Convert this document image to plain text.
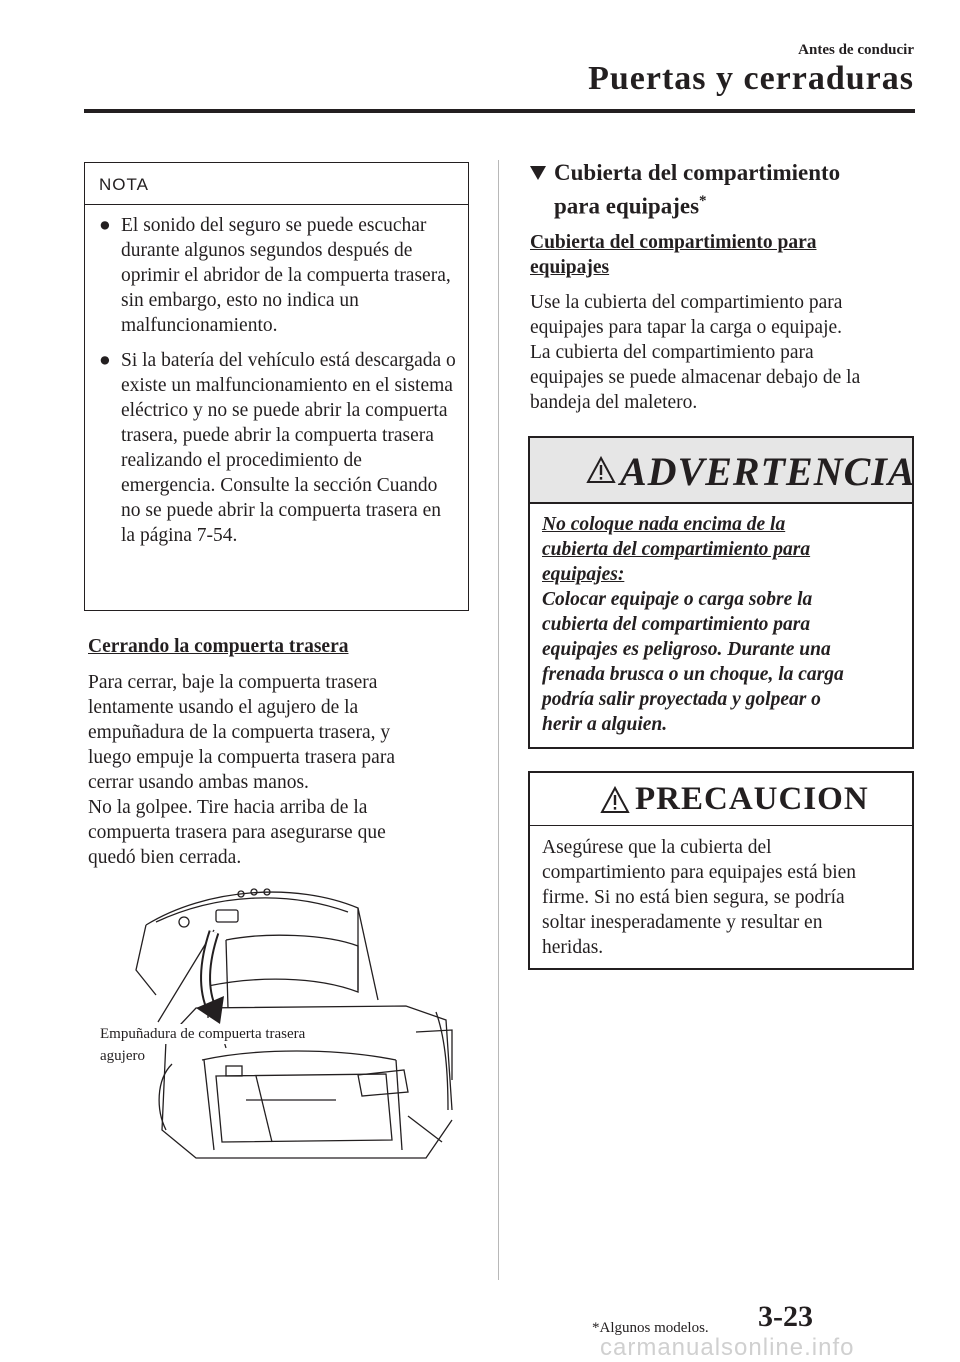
Antes de conducir
Puertas y cerraduras
NOTA
● El sonido del seguro se puede escuchar durante algunos segundos después de oprimir el abridor de la compuerta trasera, sin embargo, esto no indica un malfuncionamiento.
● Si la batería del vehículo está descargada o existe un malfuncionamiento en el sistema eléctrico y no se puede abrir la compuerta trasera, puede abrir la compuerta trasera realizando el procedimiento de emergencia. Consulte la sección Cuando no se puede abrir la compuerta trasera en la página 7-54.
Cerrando la compuerta trasera
Para cerrar, baje la compuerta trasera
lentamente usando el agujero de la
empuñadura de la compuerta trasera, y
luego empuje la compuerta trasera para
cerrar usando ambas manos.
No la golpee. Tire hacia arriba de la
compuerta trasera para asegurarse que
quedó bien cerrada.
Empuñadura de compuerta trasera
agujero
Cubierta del compartimiento
para equipajes*
Cubierta del compartimiento para
equipajes
Use la cubierta del compartimiento para
equipajes para tapar la carga o equipaje.
La cubierta del compartimiento para
equipajes se puede almacenar debajo de la
bandeja del maletero.
ADVERTENCIA
No coloque nada encima de la
cubierta del compartimiento para
equipajes:
Colocar equipaje o carga sobre la
cubierta del compartimiento para
equipajes es peligroso. Durante una
frenada brusca o un choque, la carga
podría salir proyectada y golpear o
herir a alguien.
PRECAUCION
Asegúrese que la cubierta del
compartimiento para equipajes está bien
firme. Si no está bien segura, se podría
soltar inesperadamente y resultar en
heridas.
*Algunos modelos. 3-23
carmanualsonline.info
